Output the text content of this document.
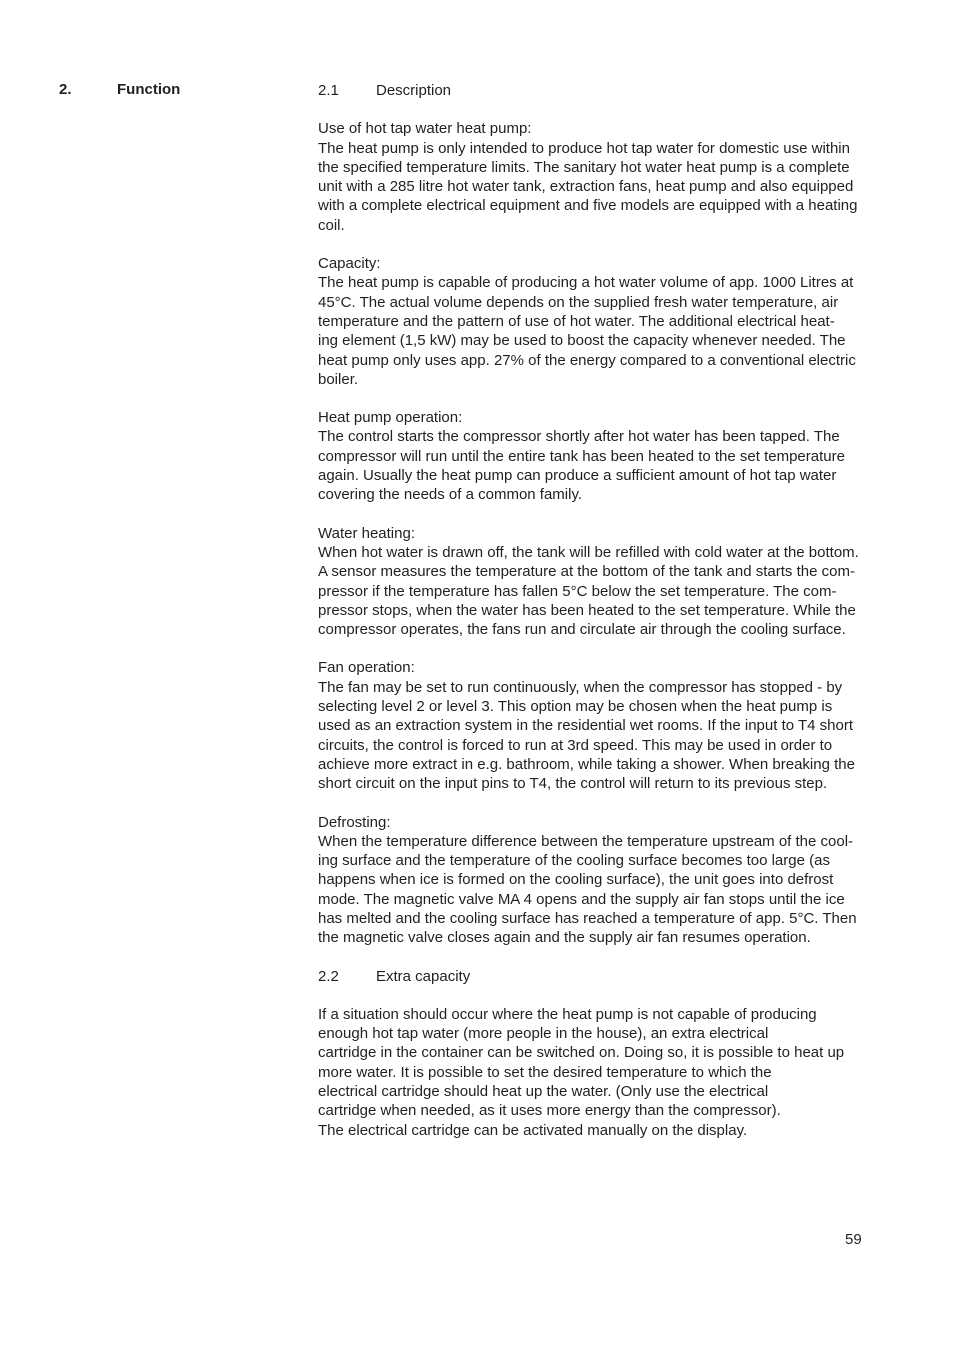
2.	Function	2.1	Description

Use of hot tap water heat pump:

The heat pump is only intended to produce hot tap water for domestic use within

the specified temperature limits. The sanitary hot water heat pump is a complete

unit with a 285 litre hot water tank, extraction fans, heat pump and also equipped

with a complete electrical equipment and five models are equipped with a heating

coil.

Capacity:

The heat pump is capable of producing a hot water volume of app. 1000 Litres at

45°C. The actual volume depends on the supplied fresh water temperature, air

temperature and the pattern of use of hot water. The additional electrical heat-

ing element (1,5 kW) may be used to boost the capacity whenever needed. The

heat pump only uses app. 27% of the energy compared to a conventional electric

boiler.

Heat pump operation:

The control starts the compressor shortly after hot water has been tapped. The

compressor will run until the entire tank has been heated to the set temperature

again. Usually the heat pump can produce a sufficient amount of hot tap water

covering the needs of a common family.

Water heating:

When hot water is drawn off, the tank will be refilled with cold water at the bottom.

A sensor measures the temperature at the bottom of the tank and starts the com-

pressor if the temperature has fallen 5°C below the set temperature. The com-

pressor stops, when the water has been heated to the set temperature. While the

compressor operates, the fans run and circulate air through the cooling surface.

Fan operation:

The fan may be set to run continuously, when the compressor has stopped - by

selecting level 2 or level 3. This option may be chosen when the heat pump is

used as an extraction system in the residential wet rooms. If the input to T4 short

circuits, the control is forced to run at 3rd speed. This may be used in order to

achieve more extract in e.g. bathroom, while taking a shower. When breaking the

short circuit on the input pins to T4, the control will return to its previous step.

Defrosting:

When the temperature difference between the temperature upstream of the cool-

ing surface and the temperature of the cooling surface becomes too large (as

happens when ice is formed on the cooling surface), the unit goes into defrost

mode. The magnetic valve MA 4 opens and the supply air fan stops until the ice

has melted and the cooling surface has reached a temperature of app. 5°C. Then

the magnetic valve closes again and the supply air fan resumes operation.

2.2	Extra capacity

If a situation should occur where the heat pump is not capable of producing

enough hot tap water (more people in the house), an extra electrical

cartridge in the container can be switched on. Doing so, it is possible to heat up

more water. It is possible to set the desired temperature to which the

electrical cartridge should heat up the water. (Only use the electrical

cartridge when needed, as it uses more energy than the compressor).

The electrical cartridge can be activated manually on the display.

59
